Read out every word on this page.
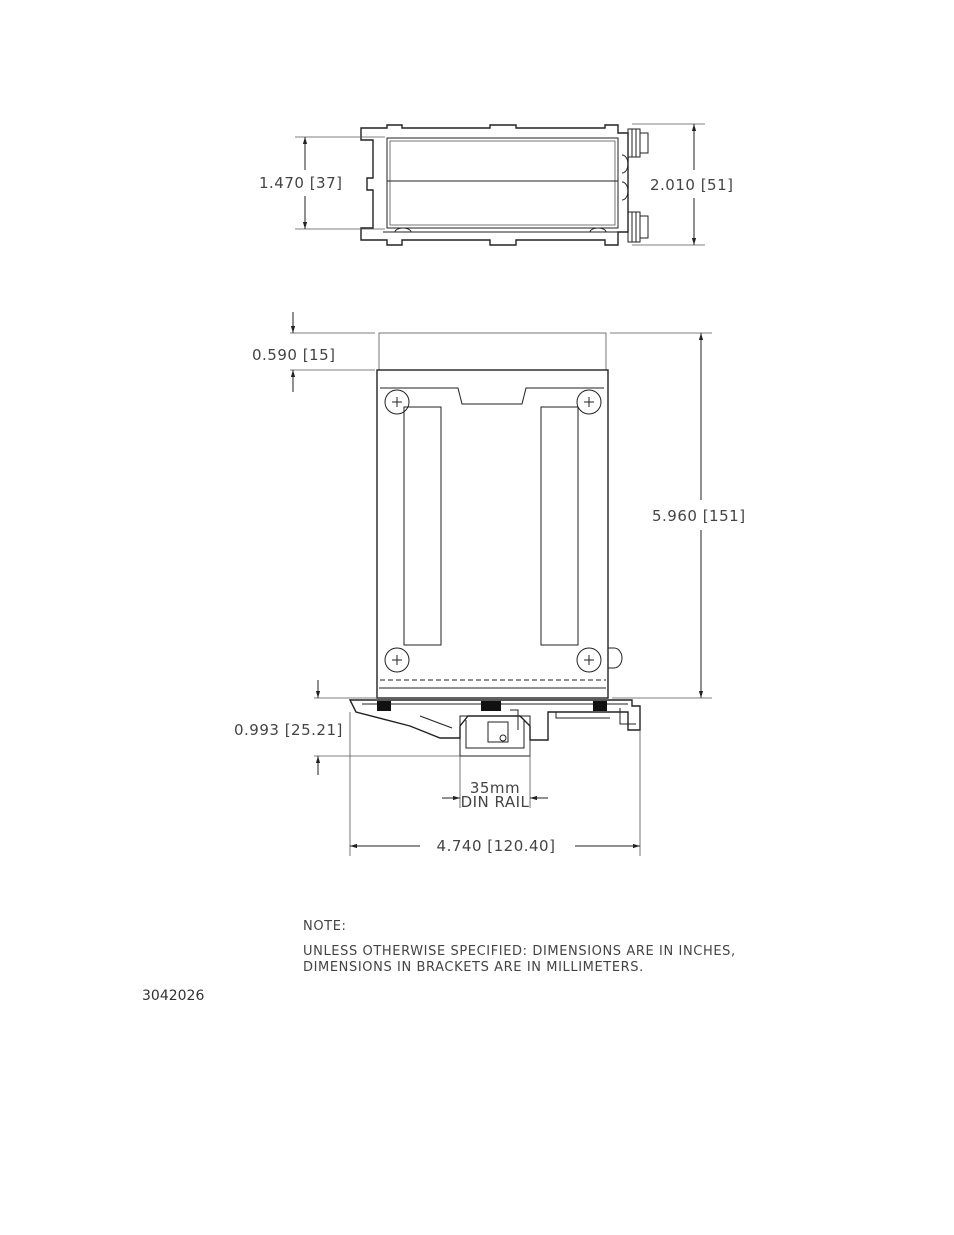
1.470 [37]	2.010 [51]
0.590 [15]
5.960 [151]
0.993 [25.21]
35mm
DIN RAIL
4.740 [120.40]
NOTE:
UNLESS OTHERWISE SPECIFIED: DIMENSIONS ARE IN INCHES,
DIMENSIONS IN BRACKETS ARE IN MILLIMETERS.
3042026
